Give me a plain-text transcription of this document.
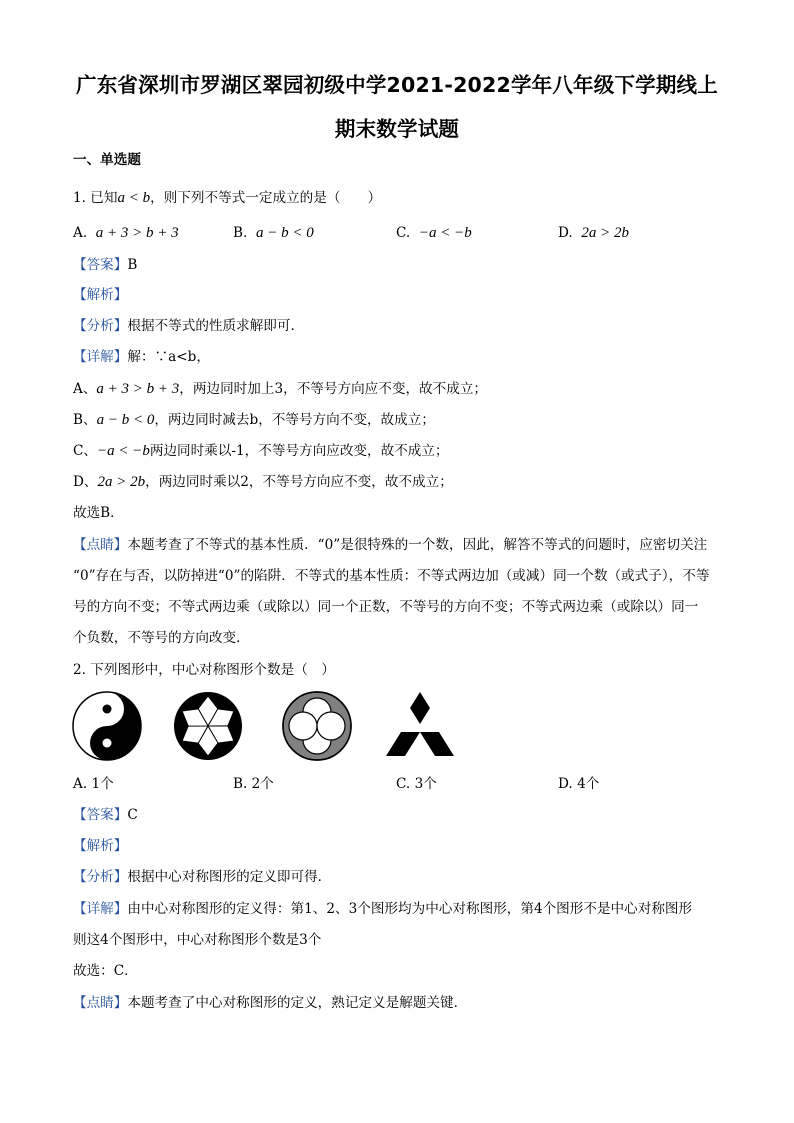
广东省深圳市罗湖区翠园初级中学2021-2022学年八年级下学期线上
期末数学试题
一、单选题
1. 已知a < b，则下列不等式一定成立的是（　　）
A. a + 3 > b + 3	B. a − b < 0	C. −a < −b	D. 2a > 2b
【答案】B
【解析】
【分析】根据不等式的性质求解即可．
【详解】解：∵a<b，
A、a + 3 > b + 3，两边同时加上3，不等号方向应不变，故不成立；
B、a − b < 0，两边同时减去b，不等号方向不变，故成立；
C、−a < −b两边同时乘以-1，不等号方向应改变，故不成立；
D、2a > 2b，两边同时乘以2，不等号方向应不变，故不成立；
故选B．
【点睛】本题考查了不等式的基本性质．“0”是很特殊的一个数，因此，解答不等式的问题时，应密切关注
“0”存在与否，以防掉进“0”的陷阱．不等式的基本性质：不等式两边加（或减）同一个数（或式子），不等
号的方向不变；不等式两边乘（或除以）同一个正数，不等号的方向不变；不等式两边乘（或除以）同一
个负数，不等号的方向改变．
2. 下列图形中，中心对称图形个数是（　）
A. 1个	B. 2个	C. 3个	D. 4个
【答案】C
【解析】
【分析】根据中心对称图形的定义即可得．
【详解】由中心对称图形的定义得：第1、2、3个图形均为中心对称图形，第4个图形不是中心对称图形
则这4个图形中，中心对称图形个数是3个
故选：C．
【点睛】本题考查了中心对称图形的定义，熟记定义是解题关键．
